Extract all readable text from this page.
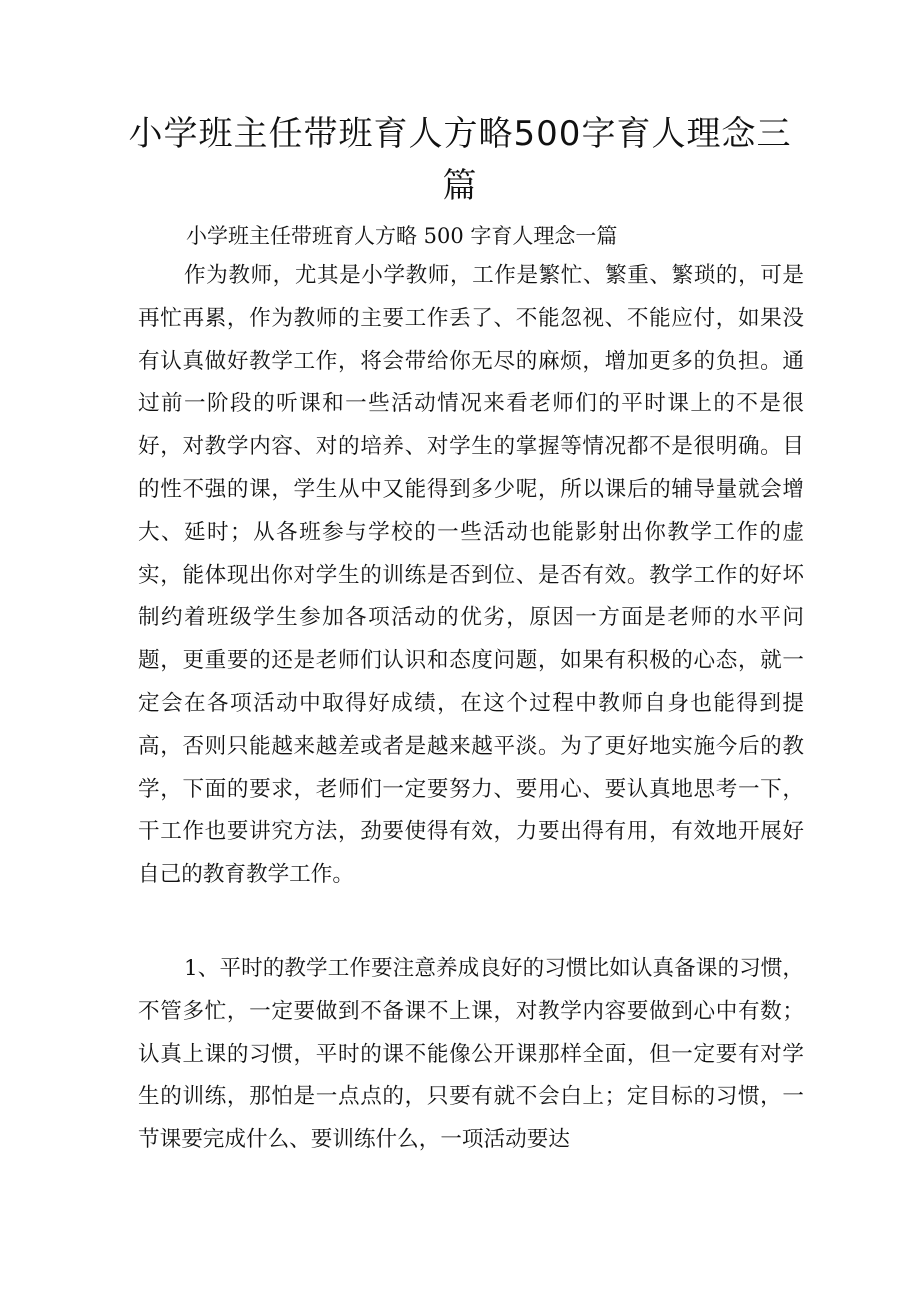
小学班主任带班育人方略500字育人理念三篇

小学班主任带班育人方略 500 字育人理念一篇

作为教师，尤其是小学教师，工作是繁忙、繁重、繁琐的，可是再忙再累，作为教师的主要工作丢了、不能忽视、不能应付，如果没有认真做好教学工作，将会带给你无尽的麻烦，增加更多的负担。通过前一阶段的听课和一些活动情况来看老师们的平时课上的不是很好，对教学内容、对的培养、对学生的掌握等情况都不是很明确。目的性不强的课，学生从中又能得到多少呢，所以课后的辅导量就会增大、延时；从各班参与学校的一些活动也能影射出你教学工作的虚实，能体现出你对学生的训练是否到位、是否有效。教学工作的好坏制约着班级学生参加各项活动的优劣，原因一方面是老师的水平问题，更重要的还是老师们认识和态度问题，如果有积极的心态，就一定会在各项活动中取得好成绩，在这个过程中教师自身也能得到提高，否则只能越来越差或者是越来越平淡。为了更好地实施今后的教学，下面的要求，老师们一定要努力、要用心、要认真地思考一下，干工作也要讲究方法，劲要使得有效，力要出得有用，有效地开展好自己的教育教学工作。

1、平时的教学工作要注意养成良好的习惯比如认真备课的习惯，不管多忙，一定要做到不备课不上课，对教学内容要做到心中有数；认真上课的习惯，平时的课不能像公开课那样全面，但一定要有对学生的训练，那怕是一点点的，只要有就不会白上；定目标的习惯，一节课要完成什么、要训练什么，一项活动要达
